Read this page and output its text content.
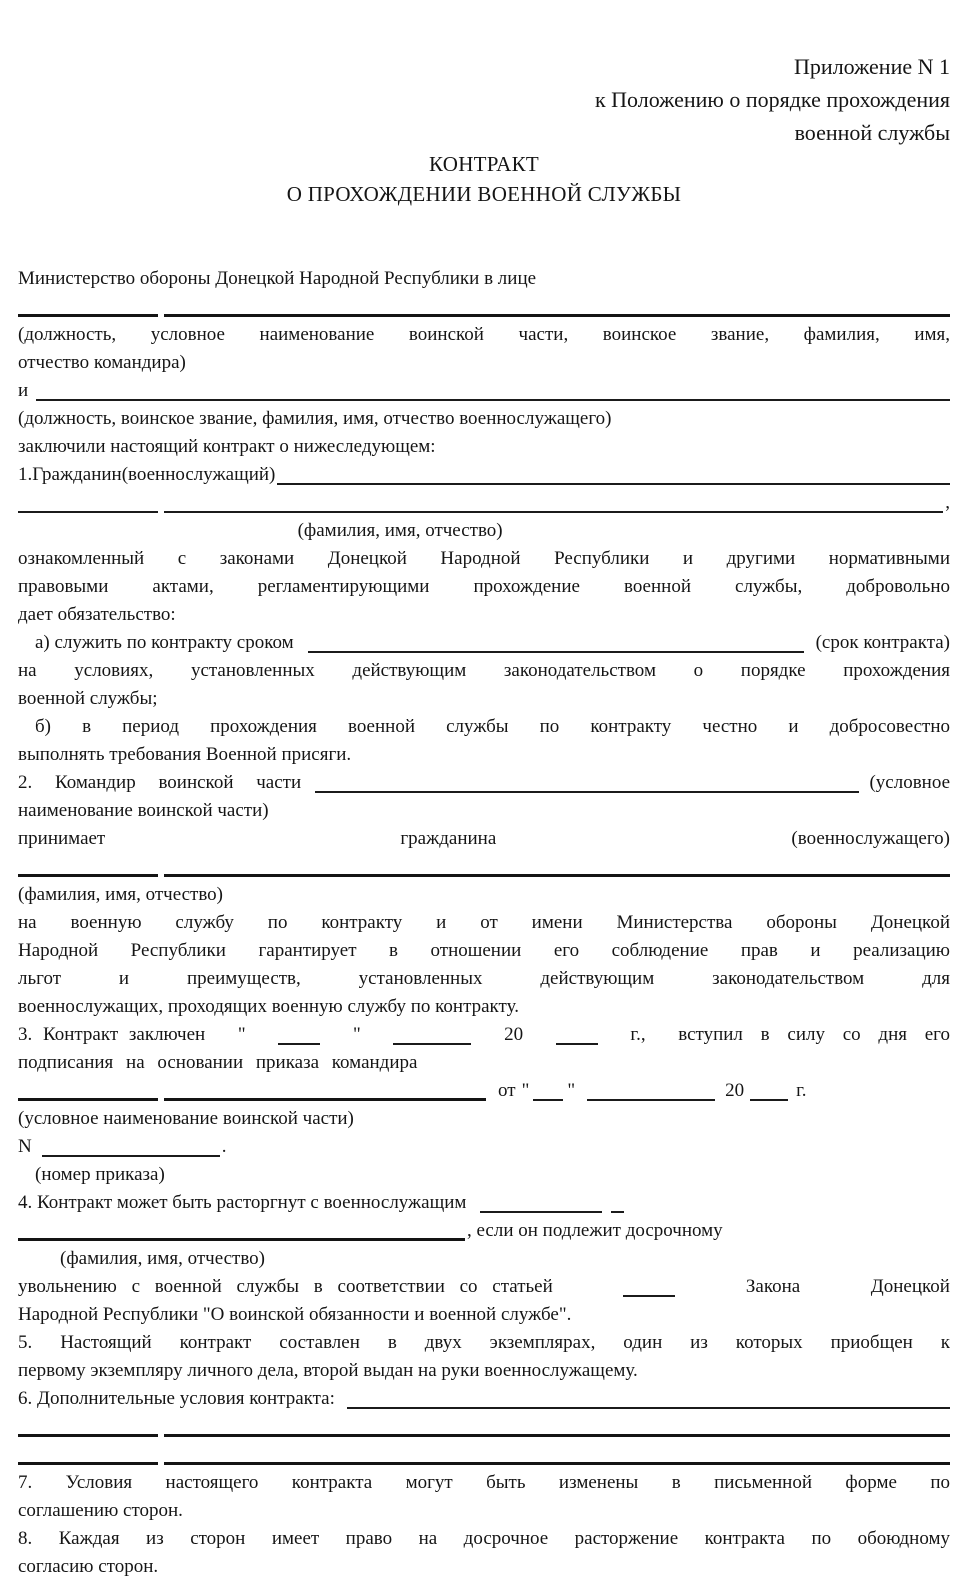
Приложение N 1
к Положению о порядке прохождения
военной службы
КОНТРАКТ
О ПРОХОЖДЕНИИ ВОЕННОЙ СЛУЖБЫ
Министерство обороны Донецкой Народной Республики в лице
(должность, условное наименование воинской части, воинское звание, фамилия, имя,
отчество командира)
и
(должность, воинское звание, фамилия, имя, отчество военнослужащего)
заключили настоящий контракт о нижеследующем:
1.Гражданин(военнослужащий)
,
(фамилия, имя, отчество)
ознакомленный с законами Донецкой Народной Республики и другими нормативными
правовыми актами, регламентирующими прохождение военной службы, добровольно
дает обязательство:
а) служить по контракту сроком	(срок контракта)
на условиях, установленных действующим законодательством о порядке прохождения
военной службы;
б) в период прохождения военной службы по контракту честно и добросовестно
выполнять требования Военной присяги.
2. Командир воинской части	(условное
наименование воинской части)
принимает	гражданина	(военнослужащего)
(фамилия, имя, отчество)
на военную службу по контракту и от имени Министерства обороны Донецкой
Народной Республики гарантирует в отношении его соблюдение прав и реализацию
льгот и преимуществ, установленных действующим законодательством для
военнослужащих, проходящих военную службу по контракту.
3. Контракт заключен "	"	20	г., вступил в силу со дня его
подписания на основании приказа командира
от " "	20	г.
(условное наименование воинской части)
N	.
(номер приказа)
4. Контракт может быть расторгнут с военнослужащим
, если он подлежит досрочному
(фамилия, имя, отчество)
увольнению с военной службы в соответствии со статьей	Закона	Донецкой
Народной Республики "О воинской обязанности и военной службе".
5. Настоящий контракт составлен в двух экземплярах, один из которых приобщен к
первому экземпляру личного дела, второй выдан на руки военнослужащему.
6. Дополнительные условия контракта:
7. Условия настоящего контракта могут быть изменены в письменной форме по
соглашению сторон.
8. Каждая из сторон имеет право на досрочное расторжение контракта по обоюдному
согласию сторон.
